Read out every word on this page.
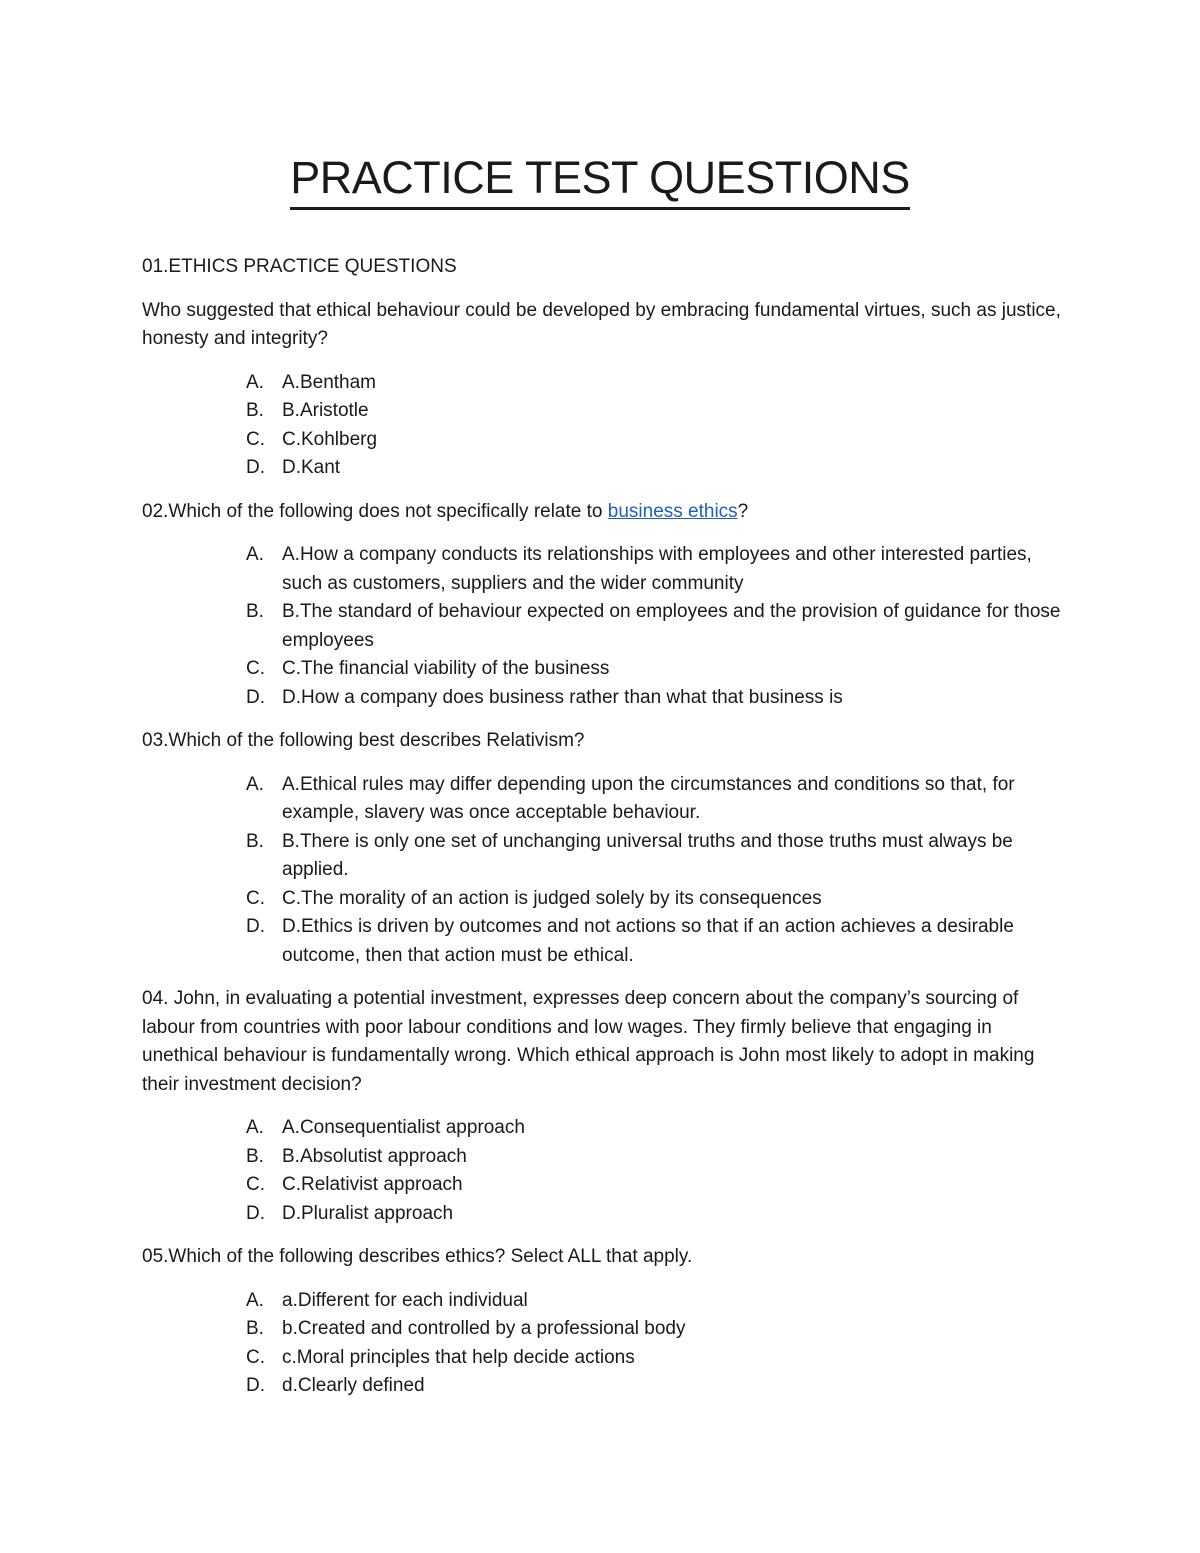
PRACTICE TEST QUESTIONS

01.ETHICS PRACTICE QUESTIONS

Who suggested that ethical behaviour could be developed by embracing fundamental virtues, such as justice, honesty and integrity?

A. A.Bentham
B. B.Aristotle
C. C.Kohlberg
D. D.Kant

02.Which of the following does not specifically relate to business ethics?

A. A.How a company conducts its relationships with employees and other interested parties, such as customers, suppliers and the wider community
B. B.The standard of behaviour expected on employees and the provision of guidance for those employees
C. C.The financial viability of the business
D. D.How a company does business rather than what that business is

03.Which of the following best describes Relativism?

A. A.Ethical rules may differ depending upon the circumstances and conditions so that, for example, slavery was once acceptable behaviour.
B. B.There is only one set of unchanging universal truths and those truths must always be applied.
C. C.The morality of an action is judged solely by its consequences
D. D.Ethics is driven by outcomes and not actions so that if an action achieves a desirable outcome, then that action must be ethical.

04. John, in evaluating a potential investment, expresses deep concern about the company’s sourcing of labour from countries with poor labour conditions and low wages. They firmly believe that engaging in unethical behaviour is fundamentally wrong. Which ethical approach is John most likely to adopt in making their investment decision?

A. A.Consequentialist approach
B. B.Absolutist approach
C. C.Relativist approach
D. D.Pluralist approach

05.Which of the following describes ethics? Select ALL that apply.

A. a.Different for each individual
B. b.Created and controlled by a professional body
C. c.Moral principles that help decide actions
D. d.Clearly defined
